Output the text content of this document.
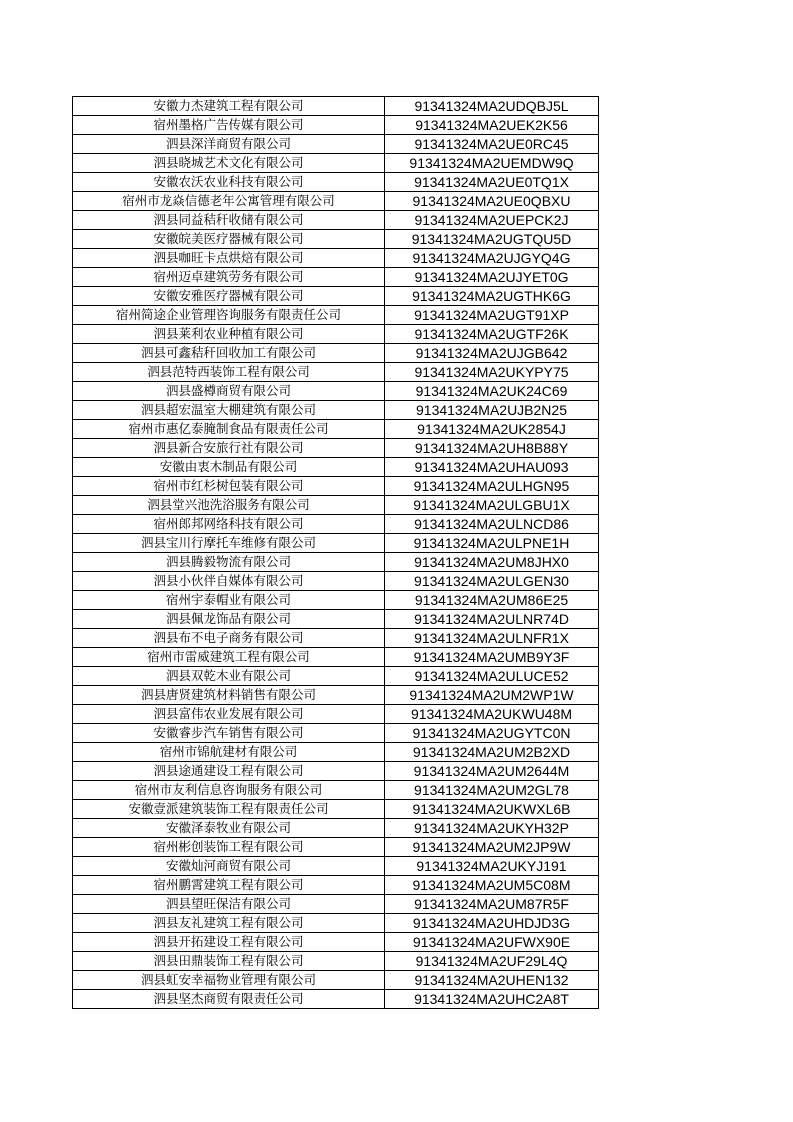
安徽力杰建筑工程有限公司	91341324MA2UDQBJ5L
宿州墨格广告传媒有限公司	91341324MA2UEK2K56
泗县深洋商贸有限公司	91341324MA2UE0RC45
泗县晓城艺术文化有限公司	91341324MA2UEMDW9Q
安徽农沃农业科技有限公司	91341324MA2UE0TQ1X
宿州市龙焱信德老年公寓管理有限公司	91341324MA2UE0QBXU
泗县同益秸秆收储有限公司	91341324MA2UEPCK2J
安徽皖美医疗器械有限公司	91341324MA2UGTQU5D
泗县咖旺卡点烘焙有限公司	91341324MA2UJGYQ4G
宿州迈卓建筑劳务有限公司	91341324MA2UJYET0G
安徽安雅医疗器械有限公司	91341324MA2UGTHK6G
宿州简途企业管理咨询服务有限责任公司	91341324MA2UGT91XP
泗县莱利农业种植有限公司	91341324MA2UGTF26K
泗县可鑫秸秆回收加工有限公司	91341324MA2UJGB642
泗县范特西装饰工程有限公司	91341324MA2UKYPY75
泗县盛樽商贸有限公司	91341324MA2UK24C69
泗县超宏温室大棚建筑有限公司	91341324MA2UJB2N25
宿州市惠亿泰腌制食品有限责任公司	91341324MA2UK2854J
泗县新合安旅行社有限公司	91341324MA2UH8B88Y
安徽由衷木制品有限公司	91341324MA2UHAU093
宿州市红杉树包装有限公司	91341324MA2ULHGN95
泗县堂兴池洗浴服务有限公司	91341324MA2ULGBU1X
宿州郎邦网络科技有限公司	91341324MA2ULNCD86
泗县宝川行摩托车维修有限公司	91341324MA2ULPNE1H
泗县腾毅物流有限公司	91341324MA2UM8JHX0
泗县小伙伴自媒体有限公司	91341324MA2ULGEN30
宿州宇泰帽业有限公司	91341324MA2UM86E25
泗县佩龙饰品有限公司	91341324MA2ULNR74D
泗县布不电子商务有限公司	91341324MA2ULNFR1X
宿州市雷威建筑工程有限公司	91341324MA2UMB9Y3F
泗县双乾木业有限公司	91341324MA2ULUCE52
泗县唐贤建筑材料销售有限公司	91341324MA2UM2WP1W
泗县富伟农业发展有限公司	91341324MA2UKWU48M
安徽睿步汽车销售有限公司	91341324MA2UGYTC0N
宿州市锦航建材有限公司	91341324MA2UM2B2XD
泗县途通建设工程有限公司	91341324MA2UM2644M
宿州市友利信息咨询服务有限公司	91341324MA2UM2GL78
安徽壹派建筑装饰工程有限责任公司	91341324MA2UKWXL6B
安徽泽泰牧业有限公司	91341324MA2UKYH32P
宿州彬创装饰工程有限公司	91341324MA2UM2JP9W
安徽灿河商贸有限公司	91341324MA2UKYJ191
宿州鹏霄建筑工程有限公司	91341324MA2UM5C08M
泗县望旺保洁有限公司	91341324MA2UM87R5F
泗县友礼建筑工程有限公司	91341324MA2UHDJD3G
泗县开拓建设工程有限公司	91341324MA2UFWX90E
泗县田鼎装饰工程有限公司	91341324MA2UF29L4Q
泗县虹安幸福物业管理有限公司	91341324MA2UHEN132
泗县坚杰商贸有限责任公司	91341324MA2UHC2A8T
